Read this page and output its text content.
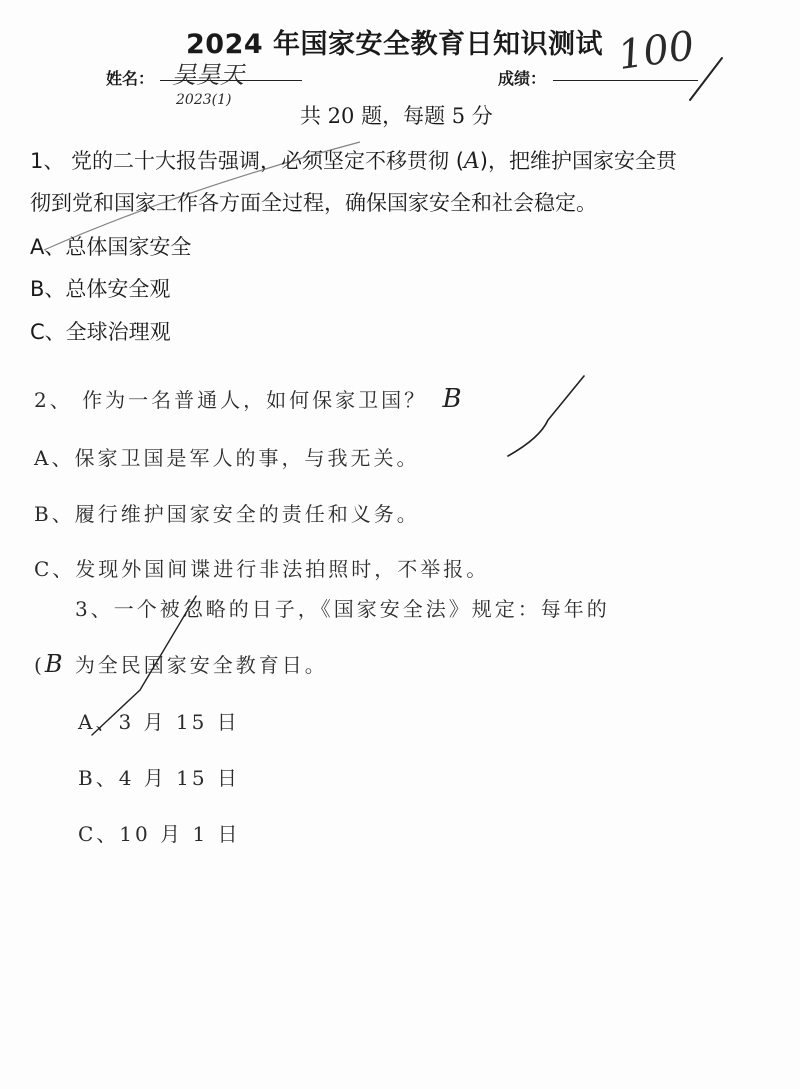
2024 年国家安全教育日知识测试
姓名： 吴昊天
2023(1)
成绩： 100
共 20 题，每题 5 分
1、 党的二十大报告强调，必须坚定不移贯彻 (A)，把维护国家安全贯
彻到党和国家工作各方面全过程，确保国家安全和社会稳定。
A、总体国家安全
B、总体安全观
C、全球治理观
2、 作为一名普通人，如何保家卫国？ B
A、保家卫国是军人的事，与我无关。
B、履行维护国家安全的责任和义务。
C、发现外国间谍进行非法拍照时，不举报。
3、一个被忽略的日子，《国家安全法》规定：每年的
(B 为全民国家安全教育日。
A、3 月 15 日
B、4 月 15 日
C、10 月 1 日
